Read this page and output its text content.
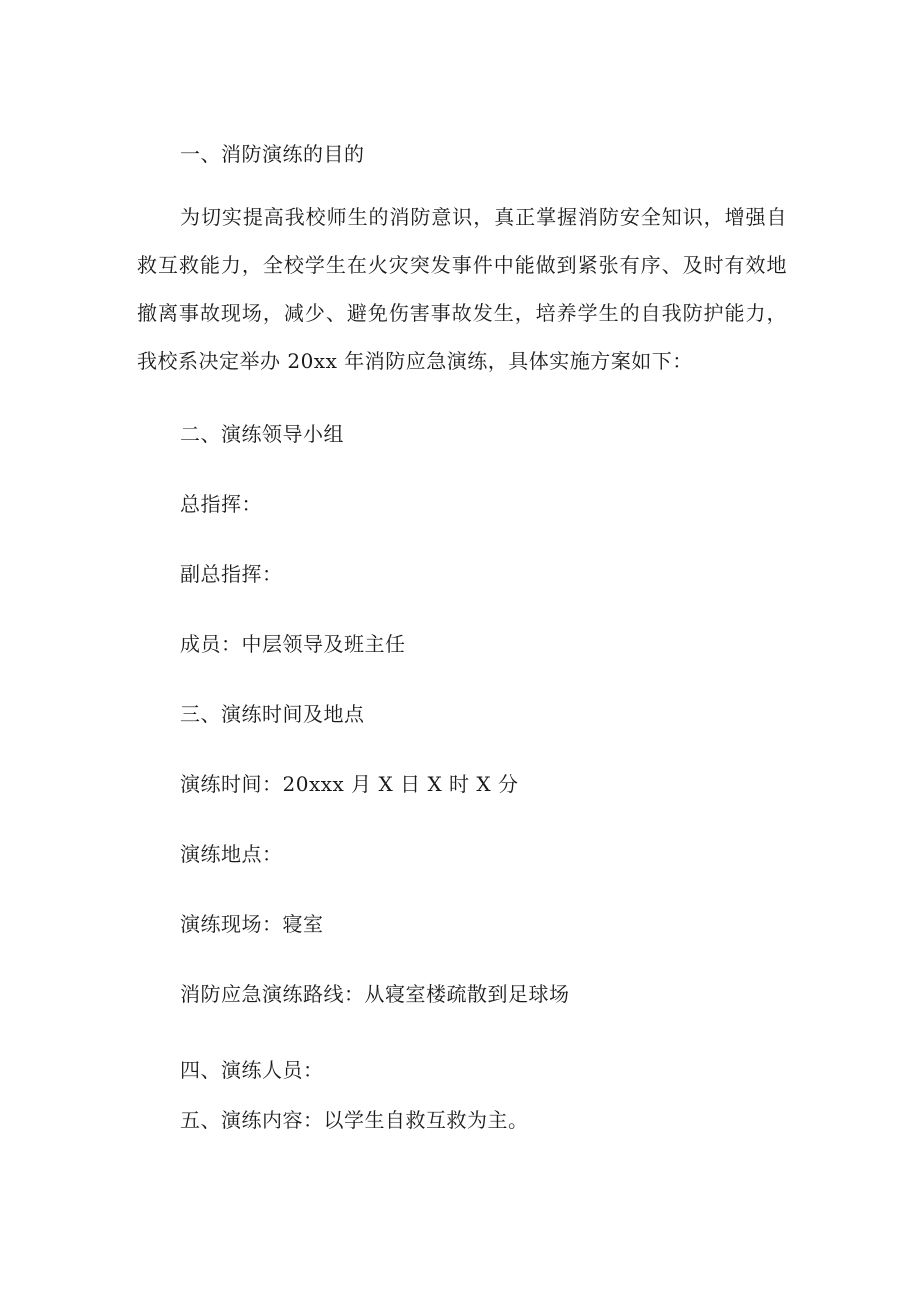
一、消防演练的目的
为切实提高我校师生的消防意识，真正掌握消防安全知识，增强自救互救能力，全校学生在火灾突发事件中能做到紧张有序、及时有效地撤离事故现场，减少、避免伤害事故发生，培养学生的自我防护能力，我校系决定举办 20xx 年消防应急演练，具体实施方案如下：
二、演练领导小组
总指挥：
副总指挥：
成员：中层领导及班主任
三、演练时间及地点
演练时间：20xxx 月 X 日 X 时 X 分
演练地点：
演练现场：寝室
消防应急演练路线：从寝室楼疏散到足球场
四、演练人员：
五、演练内容：以学生自救互救为主。
